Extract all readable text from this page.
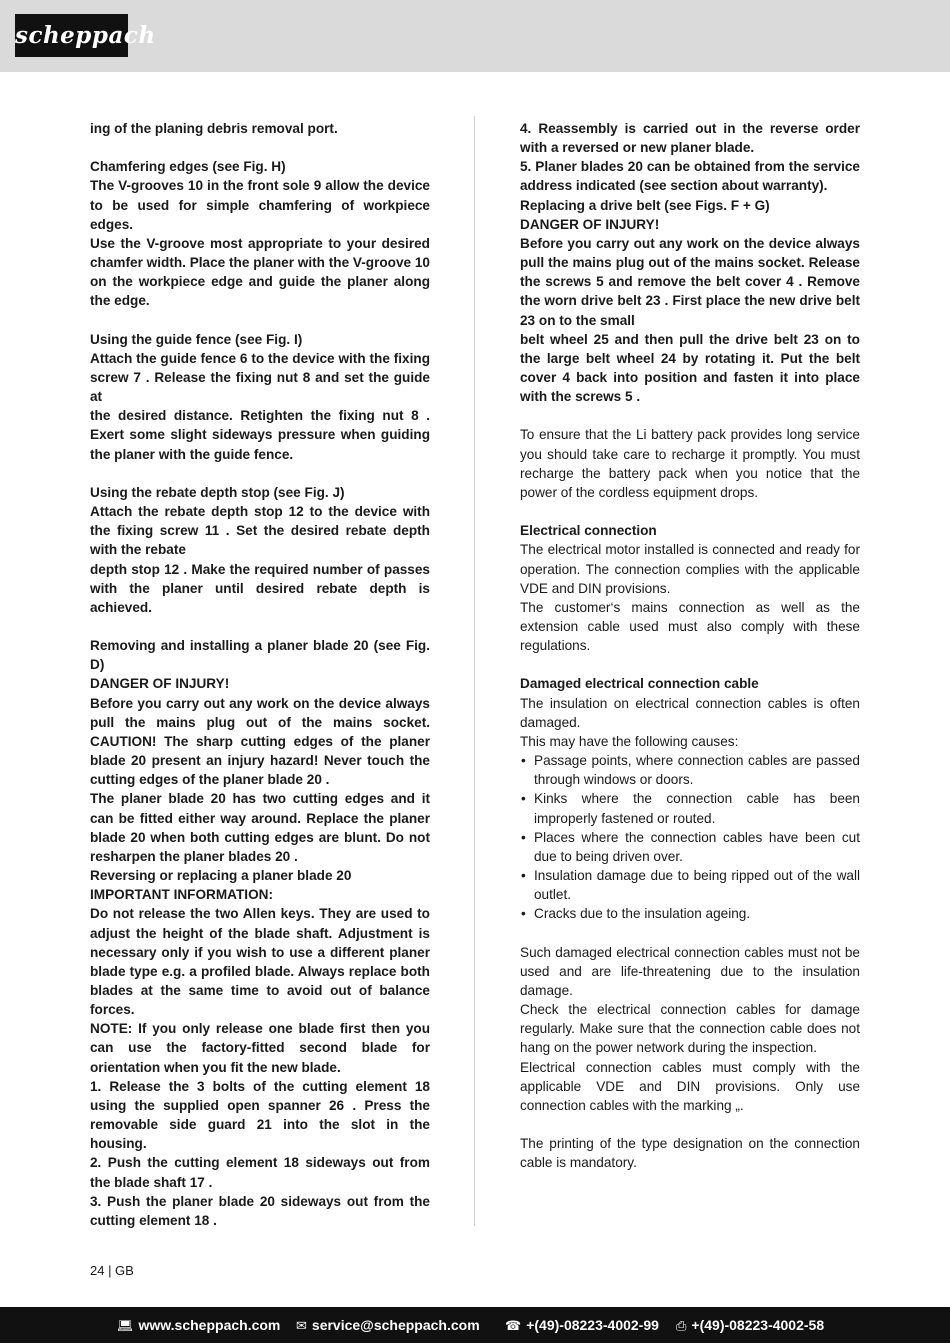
scheppach

ing of the planing debris removal port.

Chamfering edges (see Fig. H)

The V-grooves 10 in the front sole 9 allow the device to be used for simple chamfering of workpiece edges.

Use the V-groove most appropriate to your desired chamfer width. Place the planer with the V-groove 10 on the workpiece edge and guide the planer along the edge.

Using the guide fence (see Fig. I)

Attach the guide fence 6 to the device with the fixing screw 7 . Release the fixing nut 8 and set the guide at

the desired distance. Retighten the fixing nut 8 . Exert some slight sideways pressure when guiding the planer with the guide fence.

Using the rebate depth stop (see Fig. J)

Attach the rebate depth stop 12 to the device with the fixing screw 11 . Set the desired rebate depth with the rebate

depth stop 12 . Make the required number of passes with the planer until desired rebate depth is achieved.

Removing and installing a planer blade 20 (see Fig. D)

DANGER OF INJURY!

Before you carry out any work on the device always pull the mains plug out of the mains socket. CAUTION! The sharp cutting edges of the planer blade 20 present an injury hazard! Never touch the cutting edges of the planer blade 20 .

The planer blade 20 has two cutting edges and it can be fitted either way around. Replace the planer blade 20 when both cutting edges are blunt. Do not resharpen the planer blades 20 .

Reversing or replacing a planer blade 20

IMPORTANT INFORMATION:

Do not release the two Allen keys. They are used to adjust the height of the blade shaft. Adjustment is necessary only if you wish to use a different planer blade type e.g. a profiled blade. Always replace both blades at the same time to avoid out of balance forces.

NOTE: If you only release one blade first then you can use the factory-fitted second blade for orientation when you fit the new blade.

1. Release the 3 bolts of the cutting element 18 using the supplied open spanner 26 . Press the removable side guard 21 into the slot in the housing.

2. Push the cutting element 18 sideways out from the blade shaft 17 .

3. Push the planer blade 20 sideways out from the cutting element 18 .

4. Reassembly is carried out in the reverse order with a reversed or new planer blade.

5. Planer blades 20 can be obtained from the service address indicated (see section about warranty).

Replacing a drive belt (see Figs. F + G)

DANGER OF INJURY!

Before you carry out any work on the device always pull the mains plug out of the mains socket. Release the screws 5 and remove the belt cover 4 . Remove the worn drive belt 23 . First place the new drive belt 23 on to the small

belt wheel 25 and then pull the drive belt 23 on to the large belt wheel 24 by rotating it. Put the belt cover 4 back into position and fasten it into place with the screws 5 .

To ensure that the Li battery pack provides long service you should take care to recharge it promptly. You must recharge the battery pack when you notice that the power of the cordless equipment drops.

Electrical connection

The electrical motor installed is connected and ready for operation. The connection complies with the applicable VDE and DIN provisions.

The customer‘s mains connection as well as the extension cable used must also comply with these regulations.

Damaged electrical connection cable

The insulation on electrical connection cables is often damaged.

This may have the following causes:

• Passage points, where connection cables are passed through windows or doors.
• Kinks where the connection cable has been improperly fastened or routed.
• Places where the connection cables have been cut due to being driven over.
• Insulation damage due to being ripped out of the wall outlet.
• Cracks due to the insulation ageing.

Such damaged electrical connection cables must not be used and are life-threatening due to the insulation damage.

Check the electrical connection cables for damage regularly. Make sure that the connection cable does not hang on the power network during the inspection.

Electrical connection cables must comply with the applicable VDE and DIN provisions. Only use connection cables with the marking „.

The printing of the type designation on the connection cable is mandatory.

24 | GB
💻︎ www.scheppach.com ✉︎ service@scheppach.com ☎︎ +(49)-08223-4002-99 ⎙ +(49)-08223-4002-58
